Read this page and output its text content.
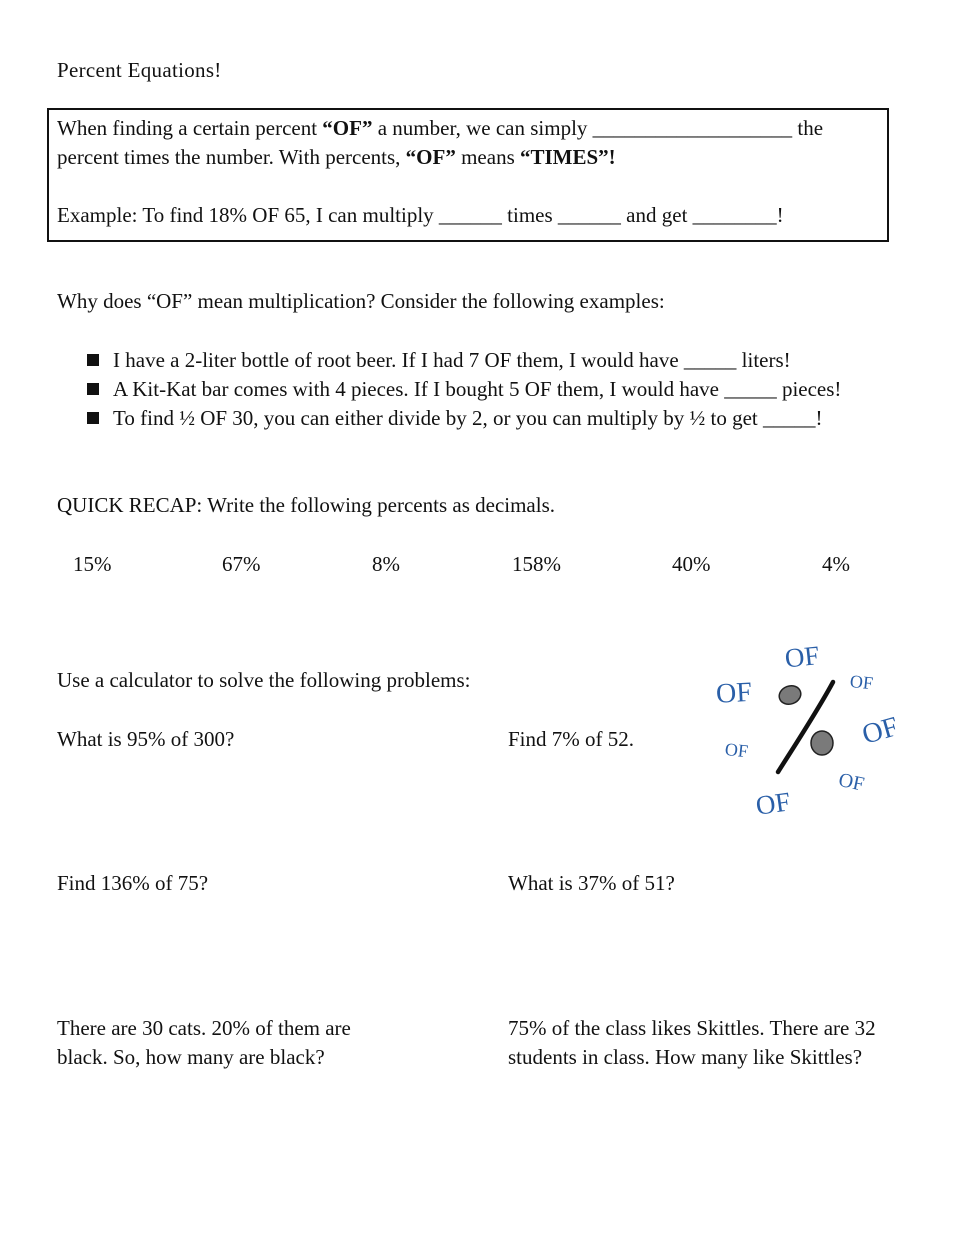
Percent Equations!
When finding a certain percent “OF” a number, we can simply ___________________ the
percent times the number. With percents, “OF” means “TIMES”!
Example: To find 18% OF 65, I can multiply ______ times ______ and get ________!
Why does “OF” mean multiplication? Consider the following examples:
I have a 2-liter bottle of root beer. If I had 7 OF them, I would have _____ liters!
A Kit-Kat bar comes with 4 pieces. If I bought 5 OF them, I would have _____ pieces!
To find ½ OF 30, you can either divide by 2, or you can multiply by ½ to get _____!
QUICK RECAP: Write the following percents as decimals.
15%	67%	8%	158%	40%	4%
Use a calculator to solve the following problems:
What is 95% of 300?	Find 7% of 52.
Find 136% of 75?	What is 37% of 51?
There are 30 cats. 20% of them are
black. So, how many are black?
75% of the class likes Skittles. There are 32
students in class. How many like Skittles?
OF
OF	OF
OF
OF
OF
OF
